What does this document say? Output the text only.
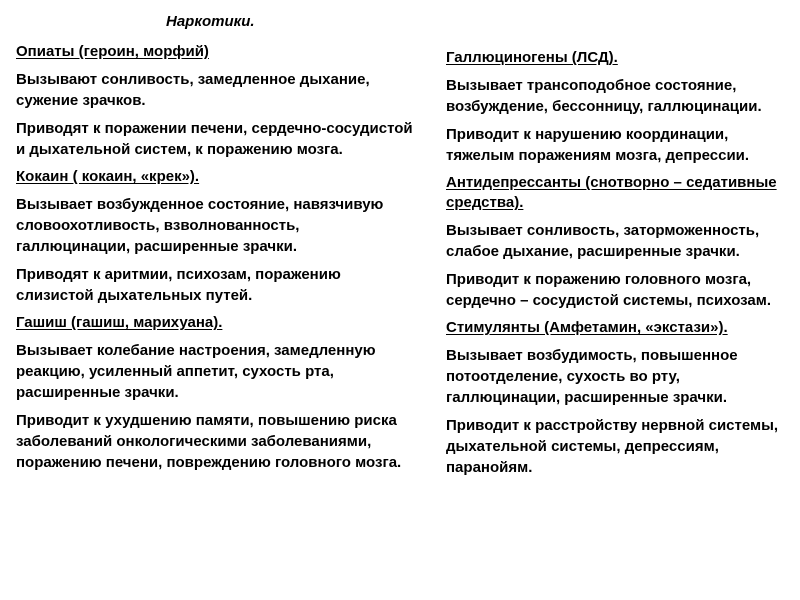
Наркотики.
Опиаты (героин, морфий)
Вызывают сонливость, замедленное дыхание, сужение зрачков.
Приводят к поражении печени, сердечно-сосудистой и дыхательной систем, к поражению мозга.
Кокаин ( кокаин, «крек»).
Вызывает возбужденное состояние, навязчивую словоохотливость, взволнованность, галлюцинации, расширенные зрачки.
Приводят к аритмии, психозам, поражению слизистой дыхательных путей.
Гашиш (гашиш, марихуана).
Вызывает колебание настроения, замедленную реакцию, усиленный аппетит, сухость рта, расширенные зрачки.
Приводит к ухудшению памяти, повышению риска заболеваний онкологическими заболеваниями, поражению печени, повреждению головного мозга.
Галлюциногены (ЛСД).
Вызывает трансоподобное состояние, возбуждение, бессонницу, галлюцинации.
Приводит к нарушению координации, тяжелым поражениям мозга, депрессии.
Антидепрессанты (снотворно – седативные средства).
Вызывает сонливость, заторможенность, слабое дыхание, расширенные зрачки.
Приводит к поражению головного мозга, сердечно – сосудистой системы, психозам.
Стимулянты (Амфетамин, «экстази»).
Вызывает возбудимость, повышенное потоотделение, сухость во рту, галлюцинации, расширенные зрачки.
Приводит к расстройству нервной системы, дыхательной системы, депрессиям, паранойям.
